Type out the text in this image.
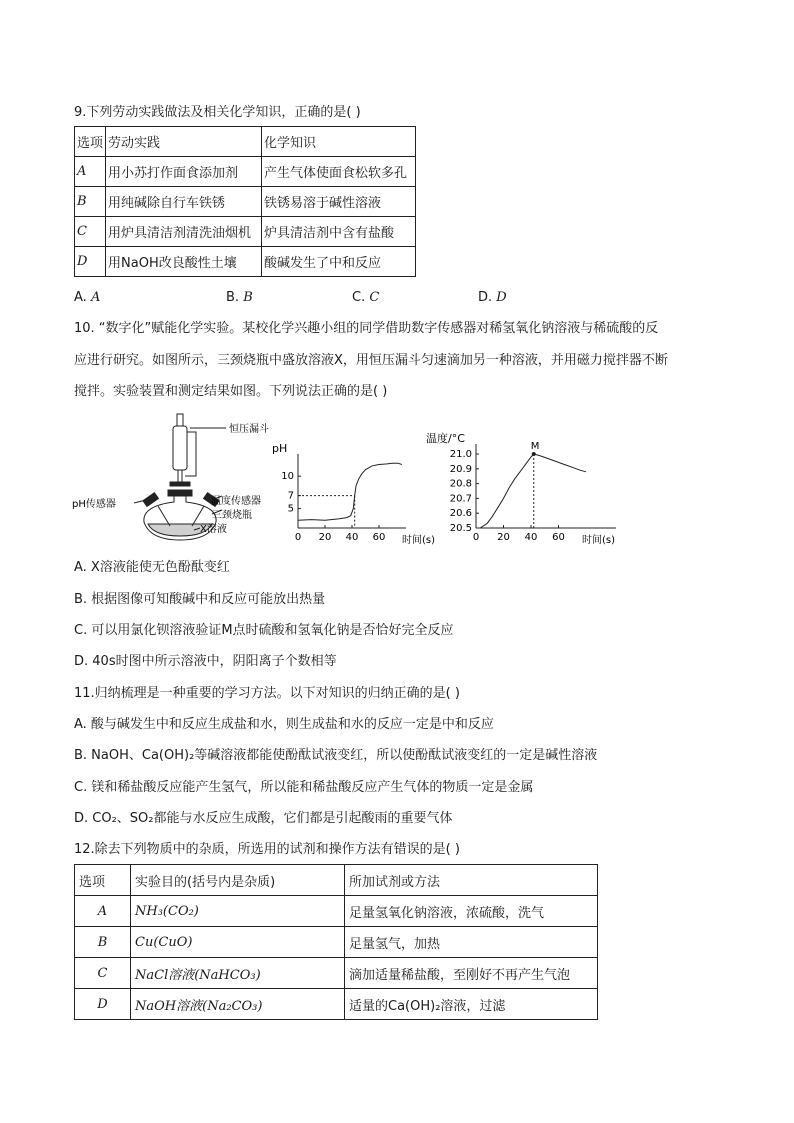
9.下列劳动实践做法及相关化学知识，正确的是( )
选项	劳动实践	化学知识
A	用小苏打作面食添加剂	产生气体使面食松软多孔
B	用纯碱除自行车铁锈	铁锈易溶于碱性溶液
C	用炉具清洁剂清洗油烟机	炉具清洁剂中含有盐酸
D	用NaOH改良酸性土壤	酸碱发生了中和反应
A. A	B. B	C. C	D. D
10. “数字化”赋能化学实验。某校化学兴趣小组的同学借助数字传感器对稀氢氧化钠溶液与稀硫酸的反
应进行研究。如图所示，三颈烧瓶中盛放溶液X，用恒压漏斗匀速滴加另一种溶液，并用磁力搅拌器不断
搅拌。实验装置和测定结果如图。下列说法正确的是( )
恒压漏斗
pH传感器	温度传感器
三颈烧瓶
X溶液
pH
时间(s)
0 20 40 60
5
7
10
温度/°C
时间(s)
0 20 40 60
20.5
20.6
20.7
20.8
20.9
21.0
M
A. X溶液能使无色酚酞变红
B. 根据图像可知酸碱中和反应可能放出热量
C. 可以用氯化钡溶液验证M点时硫酸和氢氧化钠是否恰好完全反应
D. 40s时图中所示溶液中，阴阳离子个数相等
11.归纳梳理是一种重要的学习方法。以下对知识的归纳正确的是( )
A. 酸与碱发生中和反应生成盐和水，则生成盐和水的反应一定是中和反应
B. NaOH、Ca(OH)₂等碱溶液都能使酚酞试液变红，所以使酚酞试液变红的一定是碱性溶液
C. 镁和稀盐酸反应能产生氢气，所以能和稀盐酸反应产生气体的物质一定是金属
D. CO₂、SO₂都能与水反应生成酸，它们都是引起酸雨的重要气体
12.除去下列物质中的杂质，所选用的试剂和操作方法有错误的是( )
选项	实验目的(括号内是杂质)	所加试剂或方法
A	NH₃(CO₂)	足量氢氧化钠溶液，浓硫酸，洗气
B	Cu(CuO)	足量氢气，加热
C	NaCl溶液(NaHCO₃)	滴加适量稀盐酸，至刚好不再产生气泡
D	NaOH溶液(Na₂CO₃)	适量的Ca(OH)₂溶液，过滤
